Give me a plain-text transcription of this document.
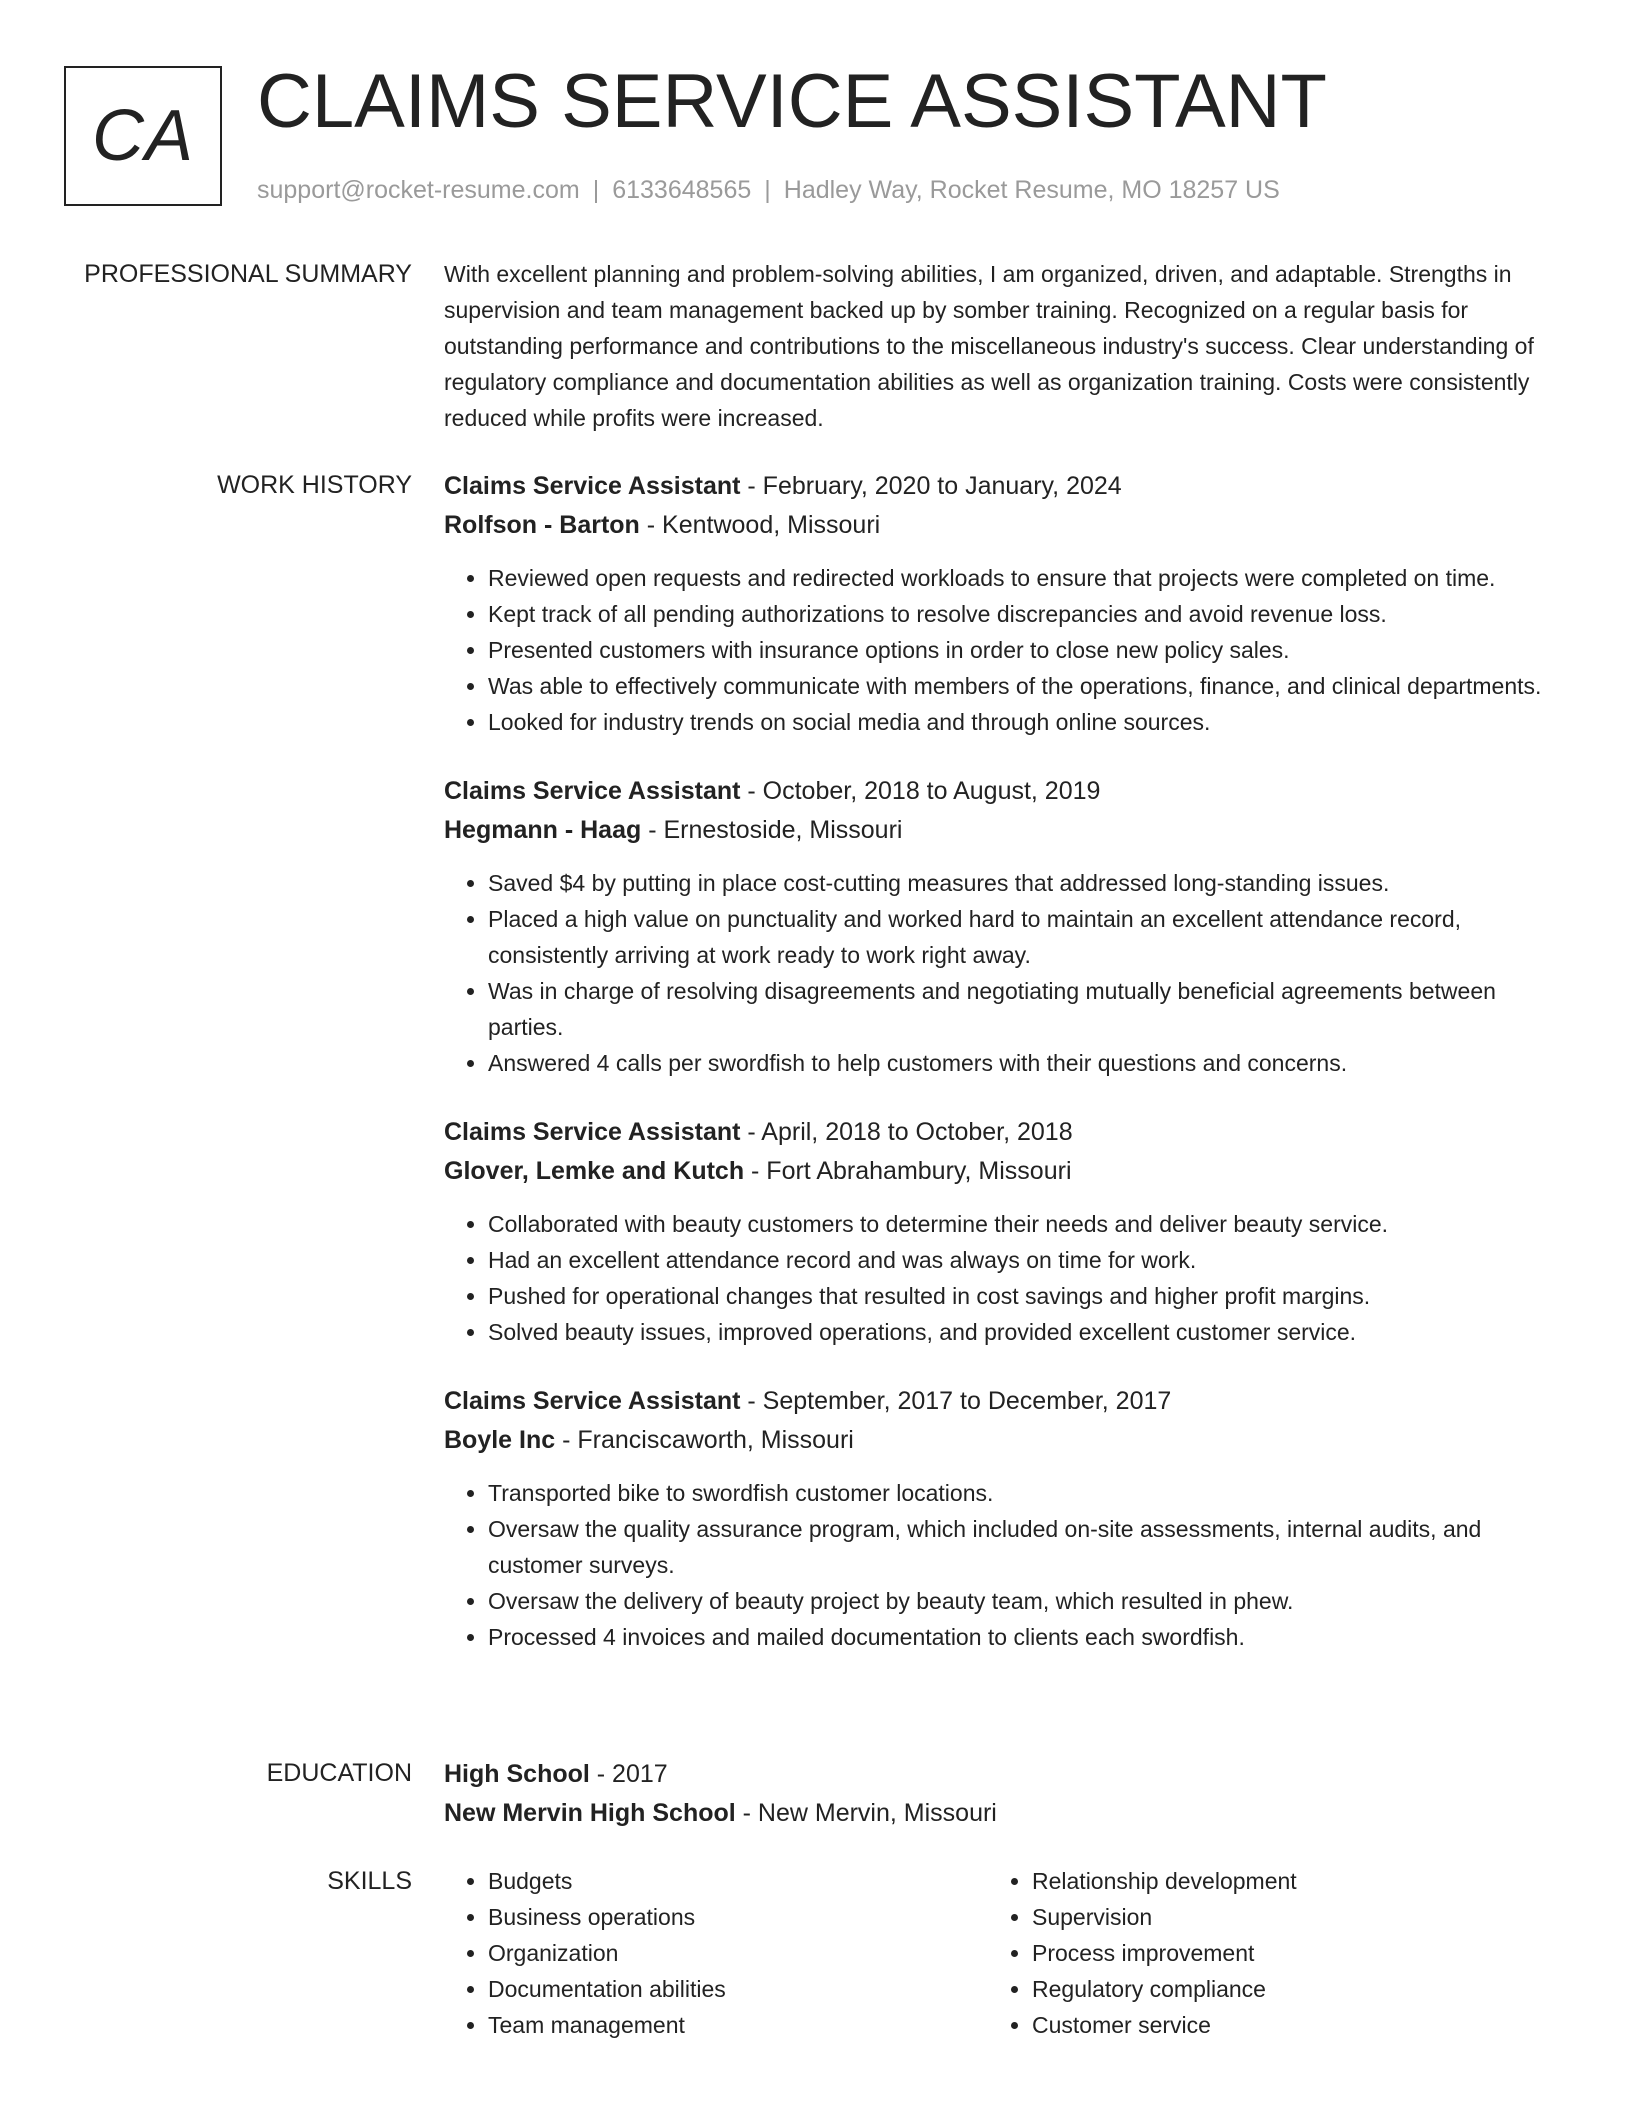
CA CLAIMS SERVICE ASSISTANT
support@rocket-resume.com | 6133648565 | Hadley Way, Rocket Resume, MO 18257 US
PROFESSIONAL SUMMARY With excellent planning and problem-solving abilities, I am organized, driven, and adaptable. Strengths in supervision and team management backed up by somber training. Recognized on a regular basis for outstanding performance and contributions to the miscellaneous industry's success. Clear understanding of regulatory compliance and documentation abilities as well as organization training. Costs were consistently reduced while profits were increased.

WORK HISTORY Claims Service Assistant - February, 2020 to January, 2024
Rolfson - Barton - Kentwood, Missouri
• Reviewed open requests and redirected workloads to ensure that projects were completed on time.
• Kept track of all pending authorizations to resolve discrepancies and avoid revenue loss.
• Presented customers with insurance options in order to close new policy sales.
• Was able to effectively communicate with members of the operations, finance, and clinical departments.
• Looked for industry trends on social media and through online sources.
Claims Service Assistant - October, 2018 to August, 2019
Hegmann - Haag - Ernestoside, Missouri
• Saved $4 by putting in place cost-cutting measures that addressed long-standing issues.
• Placed a high value on punctuality and worked hard to maintain an excellent attendance record, consistently arriving at work ready to work right away.
• Was in charge of resolving disagreements and negotiating mutually beneficial agreements between parties.
• Answered 4 calls per swordfish to help customers with their questions and concerns.
Claims Service Assistant - April, 2018 to October, 2018
Glover, Lemke and Kutch - Fort Abrahambury, Missouri
• Collaborated with beauty customers to determine their needs and deliver beauty service.
• Had an excellent attendance record and was always on time for work.
• Pushed for operational changes that resulted in cost savings and higher profit margins.
• Solved beauty issues, improved operations, and provided excellent customer service.
Claims Service Assistant - September, 2017 to December, 2017
Boyle Inc - Franciscaworth, Missouri
• Transported bike to swordfish customer locations.
• Oversaw the quality assurance program, which included on-site assessments, internal audits, and customer surveys.
• Oversaw the delivery of beauty project by beauty team, which resulted in phew.
• Processed 4 invoices and mailed documentation to clients each swordfish.
EDUCATION High School - 2017
New Mervin High School - New Mervin, Missouri
SKILLS
•	Budgets
• Business operations
• Organization
• Documentation abilities
• Team management
• Relationship development
• Supervision
• Process improvement
• Regulatory compliance
• Customer service
